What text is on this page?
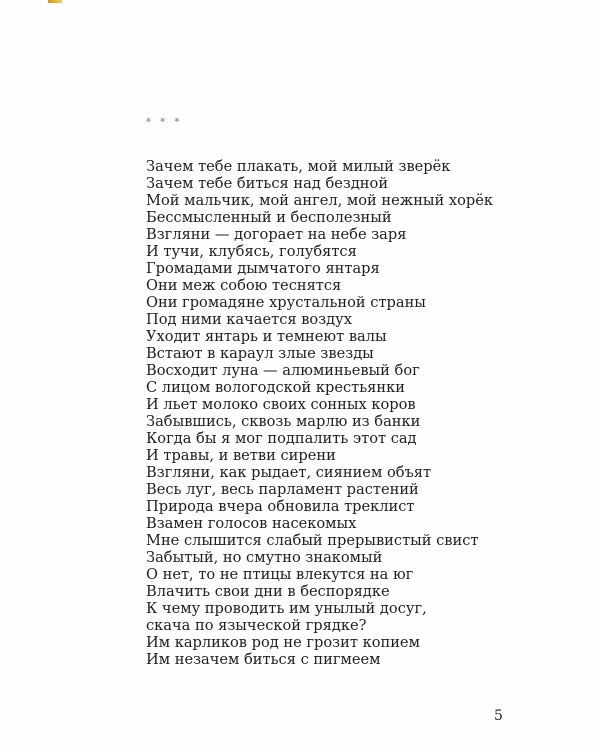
* * *
Зачем тебе плакать, мой милый зверёк
Зачем тебе биться над бездной
Мой мальчик, мой ангел, мой нежный хорёк
Бессмысленный и бесполезный
Взгляни — догорает на небе заря
И тучи, клубясь, голубятся
Громадами дымчатого янтаря
Они меж собою теснятся
Они громадяне хрустальной страны
Под ними качается воздух
Уходит янтарь и темнеют валы
Встают в караул злые звезды
Восходит луна — алюминьевый бог
С лицом вологодской крестьянки
И льет молоко своих сонных коров
Забывшись, сквозь марлю из банки
Когда бы я мог подпалить этот сад
И травы, и ветви сирени
Взгляни, как рыдает, сиянием объят
Весь луг, весь парламент растений
Природа вчера обновила треклист
Взамен голосов насекомых
Мне слышится слабый прерывистый свист
Забытый, но смутно знакомый
О нет, то не птицы влекутся на юг
Влачить свои дни в беспорядке
К чему проводить им унылый досуг,
скача по языческой грядке?
Им карликов род не грозит копием
Им незачем биться с пигмеем
5
